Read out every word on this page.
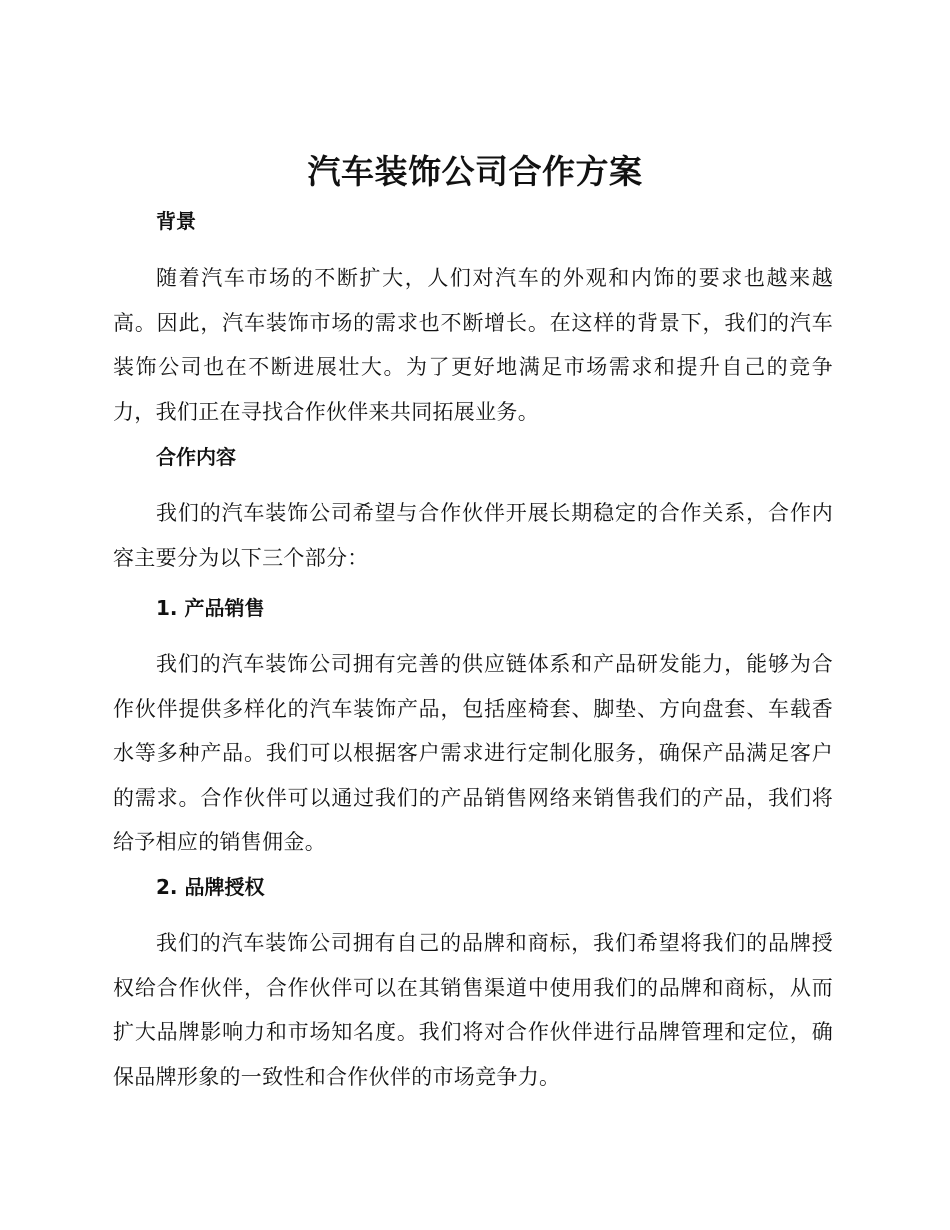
汽车装饰公司合作方案
背景

随着汽车市场的不断扩大，人们对汽车的外观和内饰的要求也越来越高。因此，汽车装饰市场的需求也不断增长。在这样的背景下，我们的汽车装饰公司也在不断进展壮大。为了更好地满足市场需求和提升自己的竞争力，我们正在寻找合作伙伴来共同拓展业务。

合作内容

我们的汽车装饰公司希望与合作伙伴开展长期稳定的合作关系，合作内容主要分为以下三个部分：

1. 产品销售

我们的汽车装饰公司拥有完善的供应链体系和产品研发能力，能够为合作伙伴提供多样化的汽车装饰产品，包括座椅套、脚垫、方向盘套、车载香水等多种产品。我们可以根据客户需求进行定制化服务，确保产品满足客户的需求。合作伙伴可以通过我们的产品销售网络来销售我们的产品，我们将给予相应的销售佣金。

2. 品牌授权

我们的汽车装饰公司拥有自己的品牌和商标，我们希望将我们的品牌授权给合作伙伴，合作伙伴可以在其销售渠道中使用我们的品牌和商标，从而扩大品牌影响力和市场知名度。我们将对合作伙伴进行品牌管理和定位，确保品牌形象的一致性和合作伙伴的市场竞争力。
